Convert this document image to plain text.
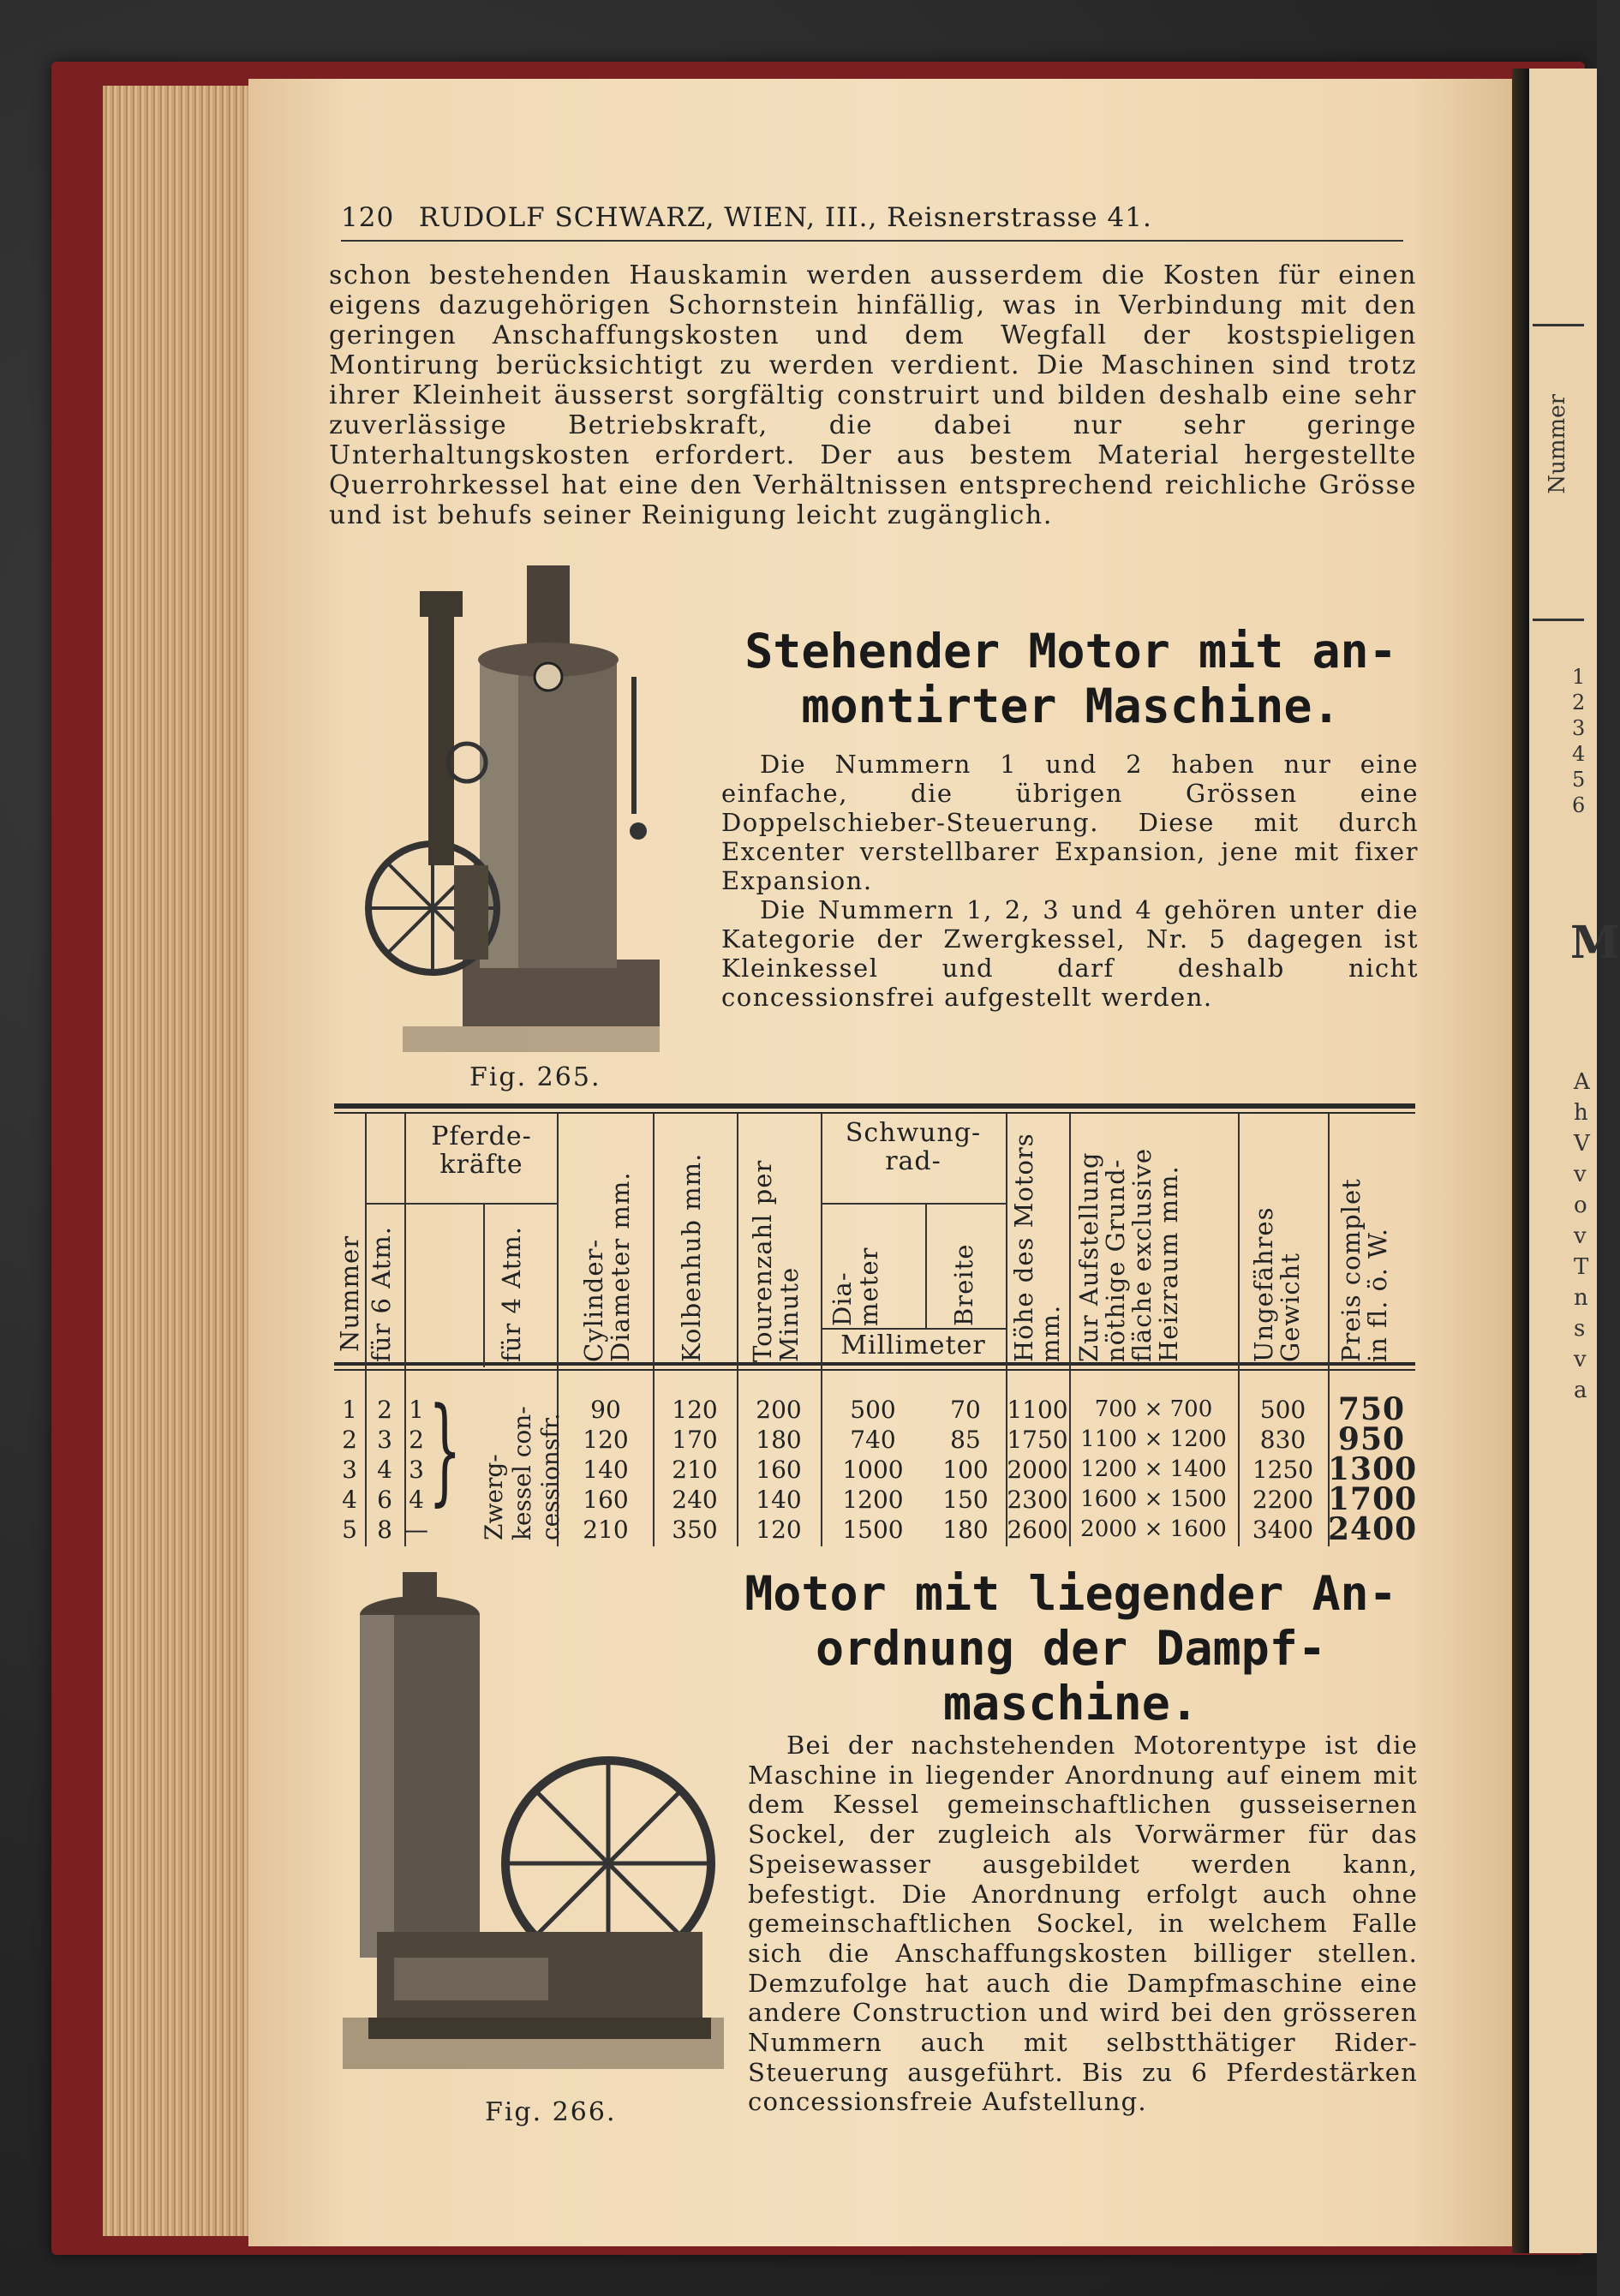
Nummer
1
2
3
4
5
6
M
A
h
V
v
o
v
T
n
s
v
a
120 RUDOLF SCHWARZ, WIEN, III., Reisnerstrasse 41.

schon bestehenden Hauskamin werden ausserdem die Kosten für einen eigens dazugehörigen Schornstein hinfällig, was in Verbindung mit den geringen Anschaffungskosten und dem Wegfall der kostspieligen Montirung berücksichtigt zu werden verdient. Die Maschinen sind trotz ihrer Kleinheit äusserst sorgfältig construirt und bilden deshalb eine sehr zuverlässige Betriebskraft, die dabei nur sehr geringe Unterhaltungskosten erfordert. Der aus bestem Material hergestellte Querrohrkessel hat eine den Verhältnissen entsprechend reichliche Grösse und ist behufs seiner Reinigung leicht zugänglich.

Fig. 265.
Stehender Motor mit an-
montirter Maschine.

Die Nummern 1 und 2 haben nur eine einfache, die übrigen Grössen eine Doppelschieber-Steuerung. Diese mit durch Excenter verstellbarer Expansion, jene mit fixer Expansion.

Die Nummern 1, 2, 3 und 4 gehören unter die Kategorie der Zwergkessel, Nr. 5 dagegen ist Kleinkessel und darf deshalb nicht concessionsfrei aufgestellt werden.

Nummer
Pferde-
kräfte
für 6 Atm.	für 4 Atm. Cylinder-
Diameter mm. Kolbenhub mm. Tourenzahl per
Minute
Schwung-
rad-
Dia-
meter	Breite
Millimeter Höhe des Motors
mm. Zur Aufstellung
nöthige Grund-
fläche exclusive
Heizraum mm.
Ungefähres
Gewicht Preis complet
in fl. ö. W.
1
2
3
4
5
2
3
4
6
8
1
2
3
4
—
} Zwerg-
kessel con-
cessionsfr.
90
120
140
160
210
120
170
210
240
350
200
180
160
140
120
500
740
1000
1200
1500
70
85
100
150
180
1100
1750
2000
2300
2600
700 × 700
1100 × 1200
1200 × 1400
1600 × 1500
2000 × 1600
500
830
1250
2200
3400
750
950
1300
1700
2400
Motor mit liegender An-
ordnung der Dampf-
maschine.

Bei der nachstehenden Motorentype ist die Maschine in liegender Anordnung auf einem mit dem Kessel gemeinschaftlichen gusseisernen Sockel, der zugleich als Vorwärmer für das Speisewasser ausgebildet werden kann, befestigt. Die Anordnung erfolgt auch ohne gemeinschaftlichen Sockel, in welchem Falle sich die Anschaffungskosten billiger stellen. Demzufolge hat auch die Dampfmaschine eine andere Construction und wird bei den grösseren Nummern auch mit selbstthätiger Rider-Steuerung ausgeführt. Bis zu 6 Pferdestärken concessionsfreie Aufstellung.

Fig. 266.
